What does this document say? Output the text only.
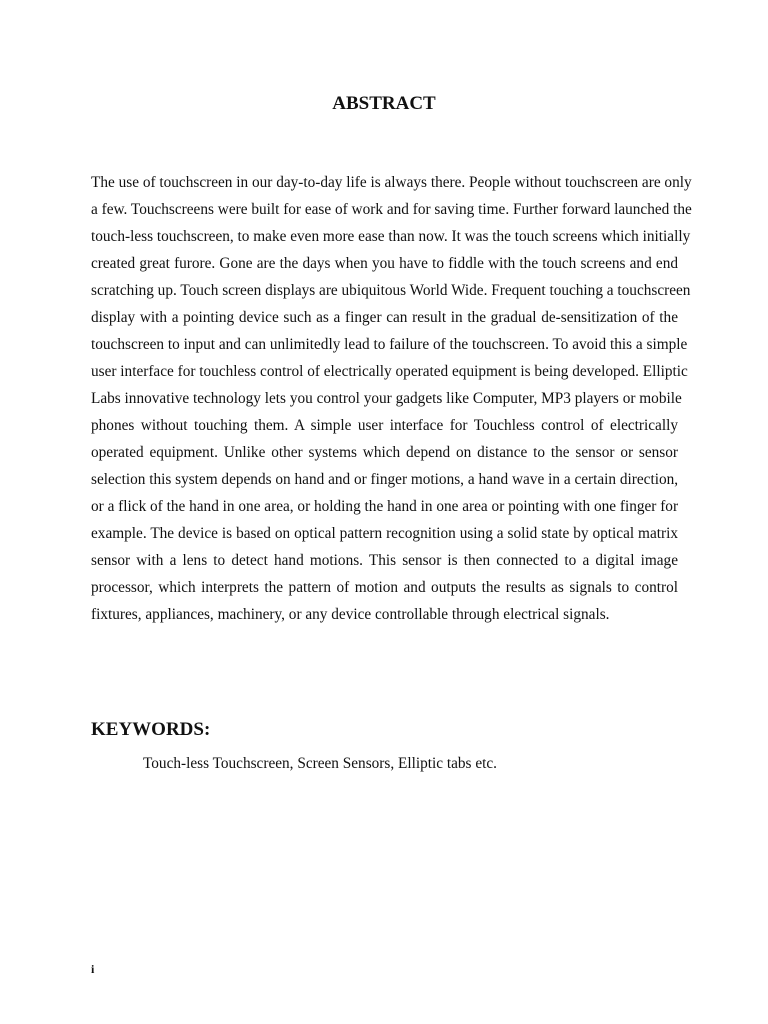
ABSTRACT
The use of touchscreen in our day-to-day life is always there. People without touchscreen are only
a few. Touchscreens were built for ease of work and for saving time. Further forward launched the
touch-less touchscreen, to make even more ease than now. It was the touch screens which initially
created great furore. Gone are the days when you have to fiddle with the touch screens and end
scratching up. Touch screen displays are ubiquitous World Wide. Frequent touching a touchscreen
display with a pointing device such as a finger can result in the gradual de-sensitization of the
touchscreen to input and can unlimitedly lead to failure of the touchscreen. To avoid this a simple
user interface for touchless control of electrically operated equipment is being developed. Elliptic
Labs innovative technology lets you control your gadgets like Computer, MP3 players or mobile
phones without touching them. A simple user interface for Touchless control of electrically
operated equipment. Unlike other systems which depend on distance to the sensor or sensor
selection this system depends on hand and or finger motions, a hand wave in a certain direction,
or a flick of the hand in one area, or holding the hand in one area or pointing with one finger for
example. The device is based on optical pattern recognition using a solid state by optical matrix
sensor with a lens to detect hand motions. This sensor is then connected to a digital image
processor, which interprets the pattern of motion and outputs the results as signals to control
fixtures, appliances, machinery, or any device controllable through electrical signals.
KEYWORDS:
Touch-less Touchscreen, Screen Sensors, Elliptic tabs etc.
i
